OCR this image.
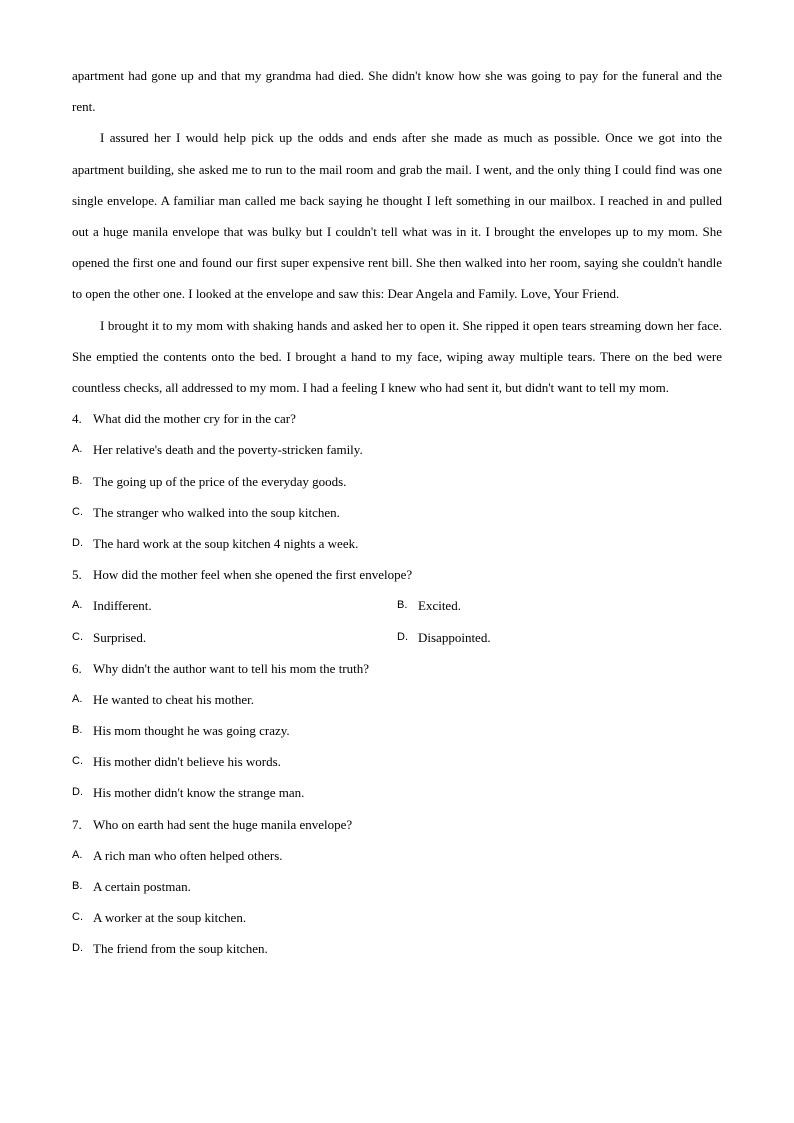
apartment had gone up and that my grandma had died. She didn't know how she was going to pay for the funeral and the rent.

I assured her I would help pick up the odds and ends after she made as much as possible. Once we got into the apartment building, she asked me to run to the mail room and grab the mail. I went, and the only thing I could find was one single envelope. A familiar man called me back saying he thought I left something in our mailbox. I reached in and pulled out a huge manila envelope that was bulky but I couldn't tell what was in it. I brought the envelopes up to my mom. She opened the first one and found our first super expensive rent bill. She then walked into her room, saying she couldn't handle to open the other one. I looked at the envelope and saw this: Dear Angela and Family. Love, Your Friend.

I brought it to my mom with shaking hands and asked her to open it. She ripped it open tears streaming down her face. She emptied the contents onto the bed. I brought a hand to my face, wiping away multiple tears. There on the bed were countless checks, all addressed to my mom. I had a feeling I knew who had sent it, but didn't want to tell my mom.

4. What did the mother cry for in the car?
A. Her relative's death and the poverty-stricken family.
B. The going up of the price of the everyday goods.
C. The stranger who walked into the soup kitchen.
D. The hard work at the soup kitchen 4 nights a week.
5. How did the mother feel when she opened the first envelope?
A. Indifferent.	B. Excited.
C. Surprised.	D. Disappointed.
6. Why didn't the author want to tell his mom the truth?
A. He wanted to cheat his mother.
B. His mom thought he was going crazy.
C. His mother didn't believe his words.
D. His mother didn't know the strange man.
7. Who on earth had sent the huge manila envelope?
A. A rich man who often helped others.
B. A certain postman.
C. A worker at the soup kitchen.
D. The friend from the soup kitchen.
